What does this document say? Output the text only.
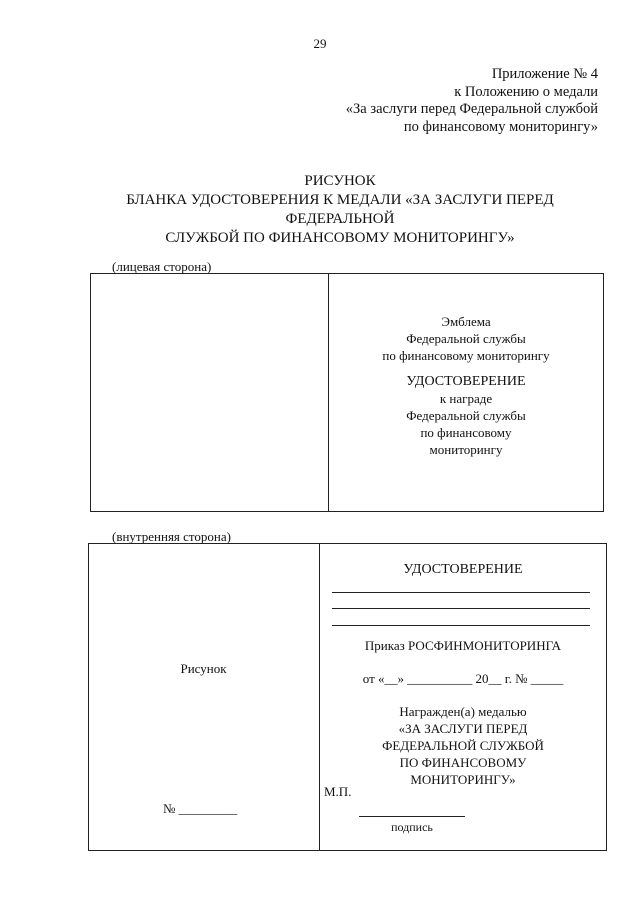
29
Приложение № 4
к Положению о медали
«За заслуги перед Федеральной службой
по финансовому мониторингу»
РИСУНОК
БЛАНКА УДОСТОВЕРЕНИЯ К МЕДАЛИ «ЗА ЗАСЛУГИ ПЕРЕД
ФЕДЕРАЛЬНОЙ
СЛУЖБОЙ ПО ФИНАНСОВОМУ МОНИТОРИНГУ»
(лицевая сторона)
Эмблема
Федеральной службы
по финансовому мониторингу
УДОСТОВЕРЕНИЕ
к награде
Федеральной службы
по финансовому
мониторингу
(внутренняя сторона)
Рисунок
№ _________
УДОСТОВЕРЕНИЕ
Приказ РОСФИНМОНИТОРИНГА
от «__» __________ 20__ г. № _____
Награжден(а) медалью
«ЗА ЗАСЛУГИ ПЕРЕД
ФЕДЕРАЛЬНОЙ СЛУЖБОЙ
ПО ФИНАНСОВОМУ
МОНИТОРИНГУ»
М.П.
подпись
